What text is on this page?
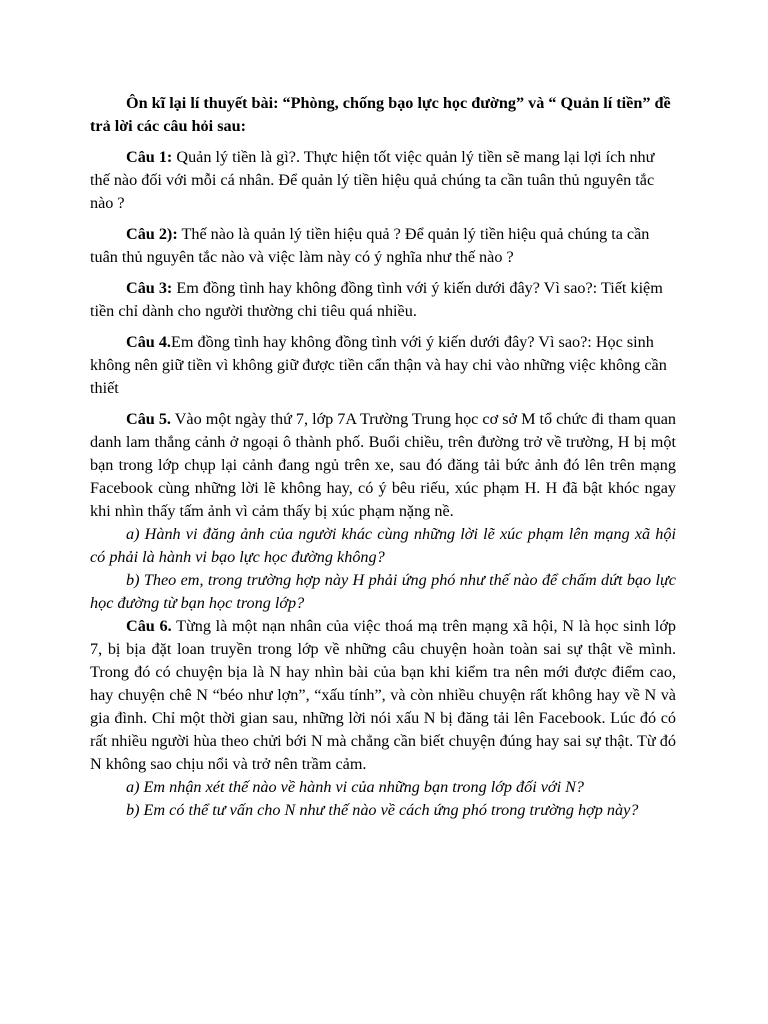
Ôn kĩ lại lí thuyết bài: “Phòng, chống bạo lực học đường” và “ Quản lí tiền” đề trả lời các câu hỏi sau:

Câu 1: Quản lý tiền là gì?. Thực hiện tốt việc quản lý tiền sẽ mang lại lợi ích như thế nào đối với mỗi cá nhân. Để quản lý tiền hiệu quả chúng ta cần tuân thủ nguyên tắc nào ?

Câu 2): Thế nào là quản lý tiền hiệu quả ? Để quản lý tiền hiệu quả chúng ta cần tuân thủ nguyên tắc nào và việc làm này có ý nghĩa như thế nào ?

Câu 3: Em đồng tình hay không đồng tình với ý kiến dưới đây? Vì sao?: Tiết kiệm tiền chỉ dành cho người thường chi tiêu quá nhiều.

Câu 4.Em đồng tình hay không đồng tình với ý kiến dưới đây? Vì sao?: Học sinh không nên giữ tiền vì không giữ được tiền cẩn thận và hay chi vào những việc không cần thiết

Câu 5. Vào một ngày thứ 7, lớp 7A Trường Trung học cơ sở M tổ chức đi tham quan danh lam thắng cảnh ở ngoại ô thành phố. Buổi chiều, trên đường trở về trường, H bị một bạn trong lớp chụp lại cảnh đang ngủ trên xe, sau đó đăng tải bức ảnh đó lên trên mạng Facebook cùng những lời lẽ không hay, có ý bêu riếu, xúc phạm H. H đã bật khóc ngay khi nhìn thấy tấm ảnh vì cảm thấy bị xúc phạm nặng nề.

a) Hành vi đăng ảnh của người khác cùng những lời lẽ xúc phạm lên mạng xã hội có phải là hành vi bạo lực học đường không?

b) Theo em, trong trường hợp này H phải ứng phó như thế nào để chấm dứt bạo lực học đường từ bạn học trong lớp?

Câu 6. Từng là một nạn nhân của việc thoá mạ trên mạng xã hội, N là học sinh lớp 7, bị bịa đặt loan truyền trong lớp về những câu chuyện hoàn toàn sai sự thật về mình. Trong đó có chuyện bịa là N hay nhìn bài của bạn khi kiểm tra nên mới được điểm cao, hay chuyện chê N “béo như lợn”, “xấu tính”, và còn nhiều chuyện rất không hay về N và gia đình. Chỉ một thời gian sau, những lời nói xấu N bị đăng tải lên Facebook. Lúc đó có rất nhiều người hùa theo chửi bới N mà chẳng cần biết chuyện đúng hay sai sự thật. Từ đó N không sao chịu nổi và trở nên trầm cảm.

a) Em nhận xét thế nào về hành vi của những bạn trong lớp đối với N?

b) Em có thể tư vấn cho N như thế nào về cách ứng phó trong trường hợp này?
